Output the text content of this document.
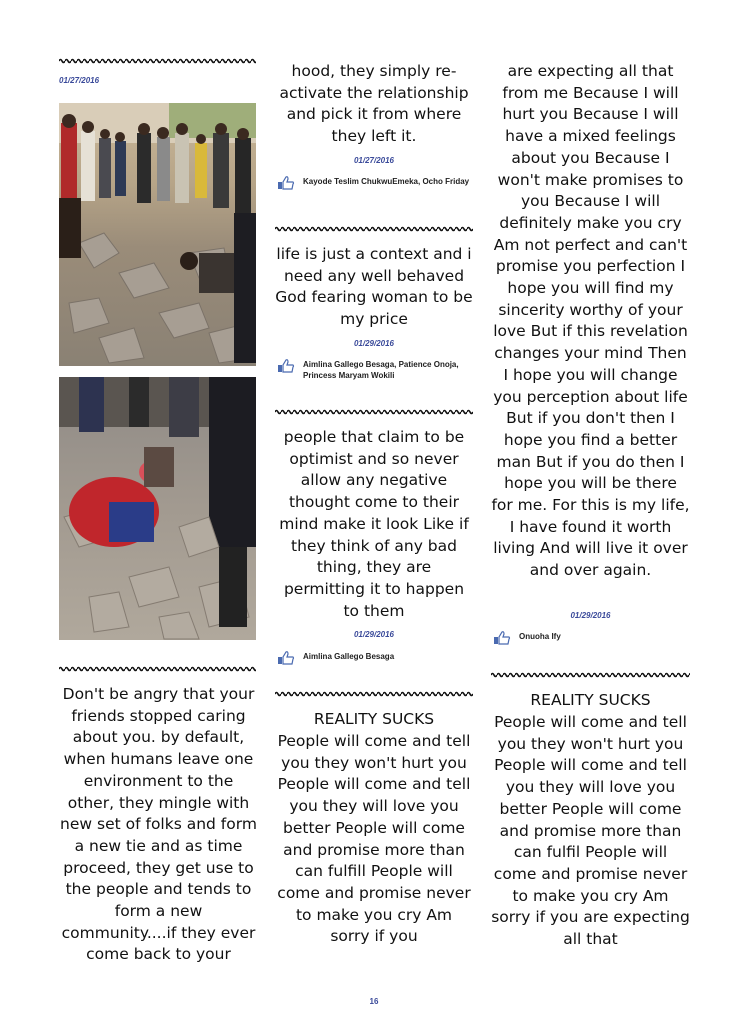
01/27/2016

Don't be angry that your friends stopped caring about you. by default, when humans leave one environment to the other, they mingle with new set of folks and form a new tie and as time proceed, they get use to the people and tends to form a new community....if they ever come back to your

hood, they simply re-activate the relationship and pick it from where they left it.

01/27/2016
Kayode Teslim ChukwuEmeka, Ocho Friday

life is just a context and i need any well behaved God fearing woman to be my price

01/29/2016
Aimlina Gallego Besaga, Patience Onoja, Princess Maryam Wokili

people that claim to be optimist and so never allow any negative thought come to their mind make it look Like if they think of any bad thing, they are permitting it to happen to them

01/29/2016
Aimlina Gallego Besaga

REALITY SUCKS

People will come and tell you they won't hurt you People will come and tell you they will love you better People will come and promise more than can fulfill People will come and promise never to make you cry Am sorry if you

are expecting all that from me Because I will hurt you Because I will have a mixed feelings about you Because I won't make promises to you Because I will definitely make you cry Am not perfect and can't promise you perfection I hope you will find my sincerity worthy of your love But if this revelation changes your mind Then I hope you will change you perception about life But if you don't then I hope you find a better man But if you do then I hope you will be there for me. For this is my life, I have found it worth living And will live it over and over again.

01/29/2016
Onuoha Ify

REALITY SUCKS

People will come and tell you they won't hurt you People will come and tell you they will love you better People will come and promise more than can fulfil People will come and promise never to make you cry Am sorry if you are expecting all that

16
